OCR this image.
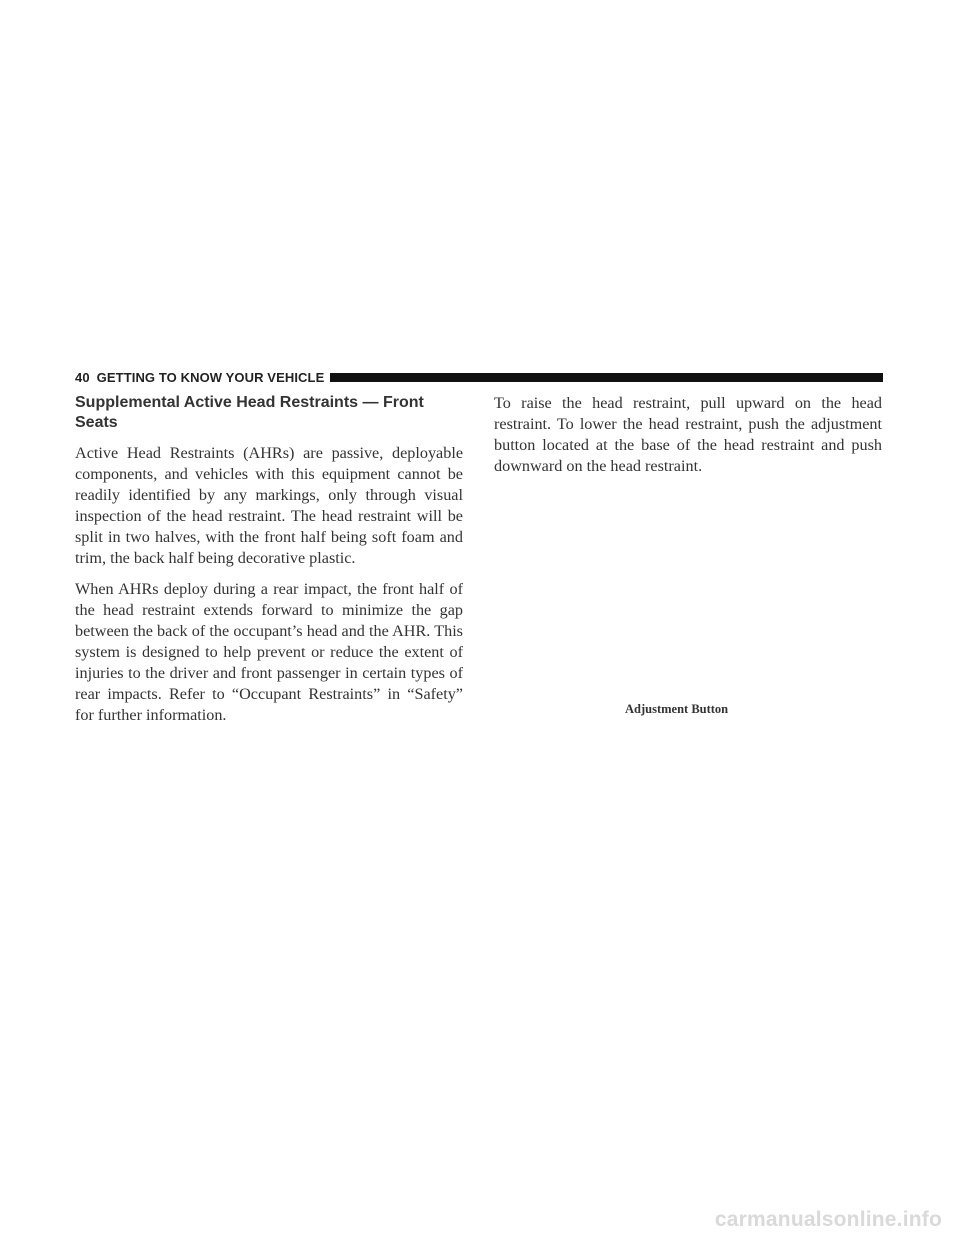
40 GETTING TO KNOW YOUR VEHICLE
Supplemental Active Head Restraints — Front Seats

Active Head Restraints (AHRs) are passive, deployable components, and vehicles with this equipment cannot be readily identified by any markings, only through visual inspection of the head restraint. The head restraint will be split in two halves, with the front half being soft foam and trim, the back half being decorative plastic.

When AHRs deploy during a rear impact, the front half of the head restraint extends forward to minimize the gap between the back of the occupant’s head and the AHR. This system is designed to help prevent or reduce the extent of injuries to the driver and front passenger in certain types of rear impacts. Refer to “Occupant Restraints” in “Safety” for further information.

To raise the head restraint, pull upward on the head restraint. To lower the head restraint, push the adjustment button located at the base of the head restraint and push downward on the head restraint.

Adjustment Button
carmanualsonline.info
